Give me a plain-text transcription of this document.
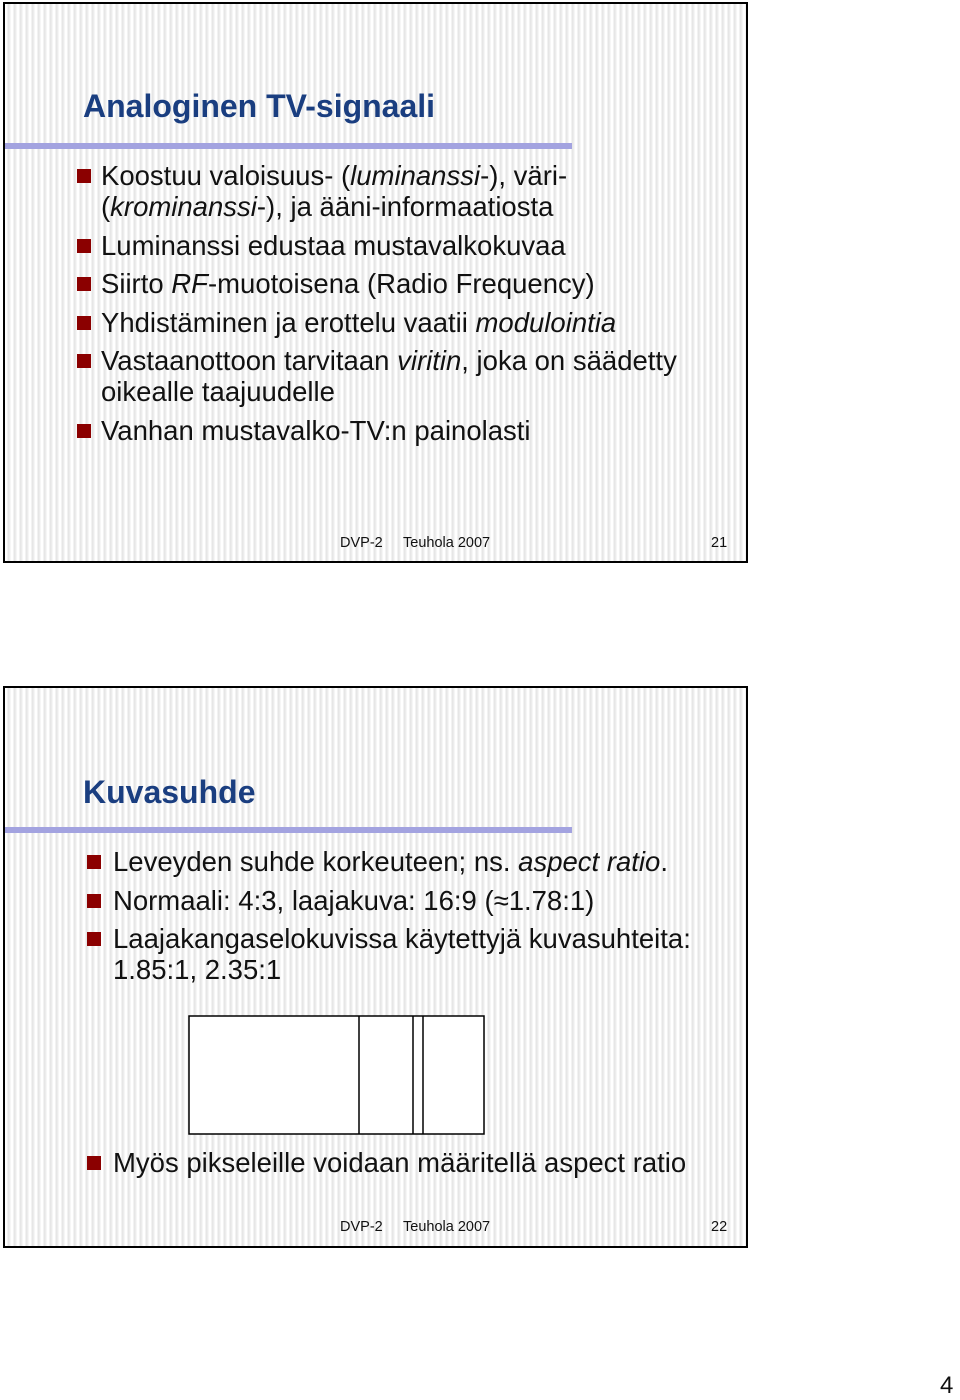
Analoginen TV-signaali
Koostuu valoisuus- (luminanssi-), väri-(krominanssi-), ja ääni-informaatiosta
Luminanssi edustaa mustavalkokuvaa
Siirto RF-muotoisena (Radio Frequency)
Yhdistäminen ja erottelu vaatii modulointia
Vastaanottoon tarvitaan viritin, joka on säädetty oikealle taajuudelle
Vanhan mustavalko-TV:n painolasti
DVP-2 Teuhola 2007	21
Kuvasuhde
Leveyden suhde korkeuteen; ns. aspect ratio.
Normaali: 4:3, laajakuva: 16:9 (≈1.78:1)
Laajakangaselokuvissa käytettyjä kuvasuhteita: 1.85:1, 2.35:1
Myös pikseleille voidaan määritellä aspect ratio
DVP-2 Teuhola 2007	22
4
